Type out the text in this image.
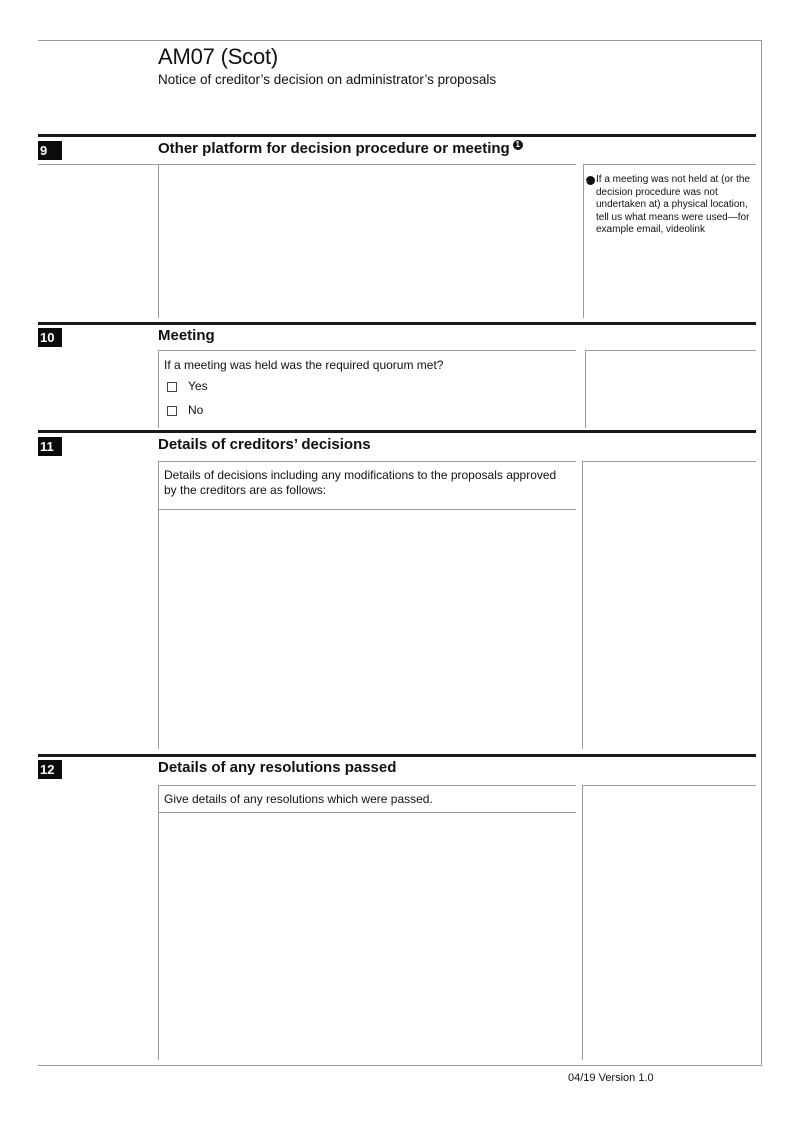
AM07 (Scot)
Notice of creditor’s decision on administrator’s proposals
9	Other platform for decision procedure or meeting 1
1 If a meeting was not held at (or the decision procedure was not undertaken at) a physical location, tell us what means were used—for example email, videolink
10	Meeting
If a meeting was held was the required quorum met?
Yes
No
11	Details of creditors’ decisions
Details of decisions including any modifications to the proposals approved by the creditors are as follows:
12	Details of any resolutions passed
Give details of any resolutions which were passed.
04/19 Version 1.0
